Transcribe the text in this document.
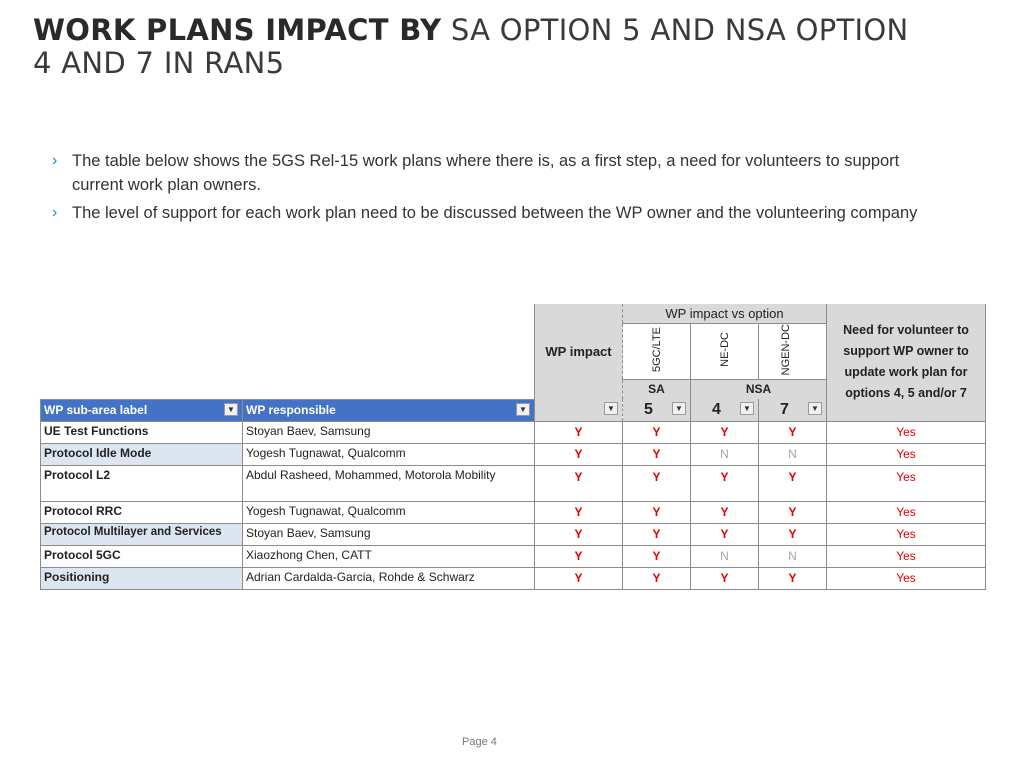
WORK PLANS IMPACT BY SA OPTION 5 AND NSA OPTION 4 AND 7 IN RAN5
› The table below shows the 5GS Rel-15 work plans where there is, as a first step, a need for volunteers to support current work plan owners.
› The level of support for each work plan need to be discussed between the WP owner and the volunteering company
		WP impact	WP impact vs option			Need for volunteer to support WP owner to update work plan for options 4, 5 and/or 7
			5GC/LTE	NE-DC	NGEN-DC	
			SA	NSA		
WP sub-area label ▼	WP responsible ▼	▼	5 ▼	4 ▼	7 ▼	

UE Test Functions	Stoyan Baev, Samsung	Y	Y	Y	Y	Yes
Protocol Idle Mode	Yogesh Tugnawat, Qualcomm	Y	Y	N	N	Yes
Protocol L2	Abdul Rasheed, Mohammed, Motorola Mobility	Y	Y	Y	Y	Yes
Protocol RRC	Yogesh Tugnawat, Qualcomm	Y	Y	Y	Y	Yes
Protocol Multilayer and Services	Stoyan Baev, Samsung	Y	Y	Y	Y	Yes
Protocol 5GC	Xiaozhong Chen, CATT	Y	Y	N	N	Yes
Positioning	Adrian Cardalda-Garcia, Rohde & Schwarz	Y	Y	Y	Y	Yes
Page 4
